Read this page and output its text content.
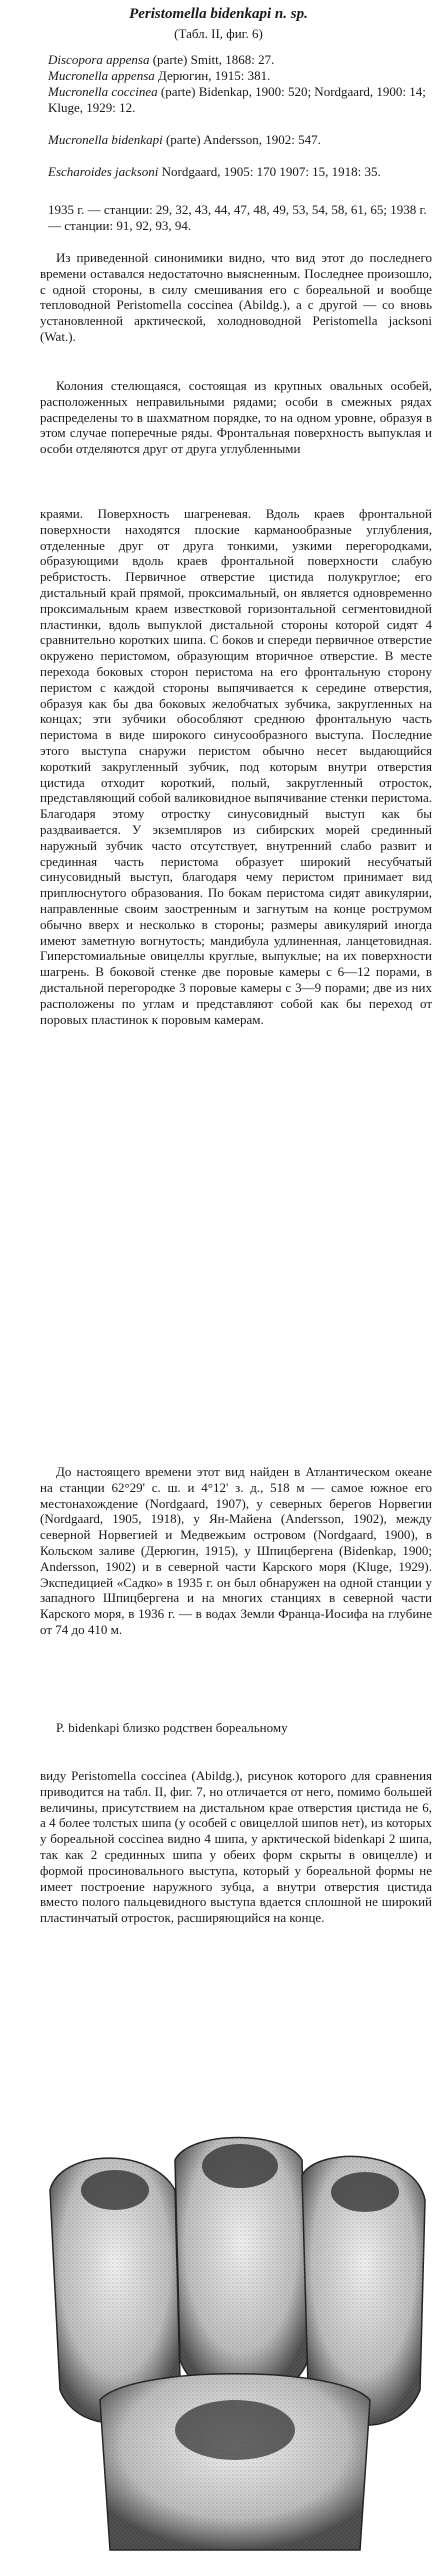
Peristomella bidenkapi n. sp.
(Табл. II, фиг. 6)

Discopora appensa (parte) Smitt, 1868: 27.

Mucronella appensa Дерюгин, 1915: 381.

Mucronella coccinea (parte) Bidenkap, 1900: 520; Nordgaard, 1900: 14; Kluge, 1929: 12.

Mucronella bidenkapi (parte) Andersson, 1902: 547.

Escharoides jacksoni Nordgaard, 1905: 170 1907: 15, 1918: 35.

1935 г. — станции: 29, 32, 43, 44, 47, 48, 49, 53, 54, 58, 61, 65; 1938 г. — станции: 91, 92, 93, 94.

Из приведенной синонимики видно, что вид этот до последнего времени оставался недостаточно выясненным. Последнее произошло, с одной стороны, в силу смешивания его с бореальной и вообще тепловодной Peristomella coccinea (Abildg.), а с другой — со вновь установленной арктической, холодноводной Peristomella jacksoni (Wat.).

Колония стелющаяся, состоящая из крупных овальных особей, расположенных неправильными рядами; особи в смежных рядах распределены то в шахматном порядке, то на одном уровне, образуя в этом случае поперечные ряды. Фронтальная поверхность выпуклая и особи отделяются друг от друга углубленными

краями. Поверхность шагреневая. Вдоль краев фронтальной поверхности находятся плоские карманообразные углубления, отделенные друг от друга тонкими, узкими перегородками, образующими вдоль краев фронтальной поверхности слабую ребристость. Первичное отверстие цистида полукруглое; его дистальный край прямой, проксимальный, он является одновременно проксимальным краем известковой горизонтальной сегментовидной пластинки, вдоль выпуклой дистальной стороны которой сидят 4 сравнительно коротких шипа. С боков и спереди первичное отверстие окружено перистомом, образующим вторичное отверстие. В месте перехода боковых сторон перистома на его фронтальную сторону перистом с каждой стороны выпячивается к середине отверстия, образуя как бы два боковых желобчатых зубчика, закругленных на концах; эти зубчики обособляют среднюю фронтальную часть перистома в виде широкого синусообразного выступа. Последние этого выступа снаружи перистом обычно несет выдающийся короткий закругленный зубчик, под которым внутри отверстия цистида отходит короткий, полый, закругленный отросток, представляющий собой валиковидное выпячивание стенки перистома. Благодаря этому отростку синусовидный выступ как бы раздваивается. У экземпляров из сибирских морей срединный наружный зубчик часто отсутствует, внутренний слабо развит и срединная часть перистома образует широкий несубчатый синусовидный выступ, благодаря чему перистом принимает вид приплюснутого образования. По бокам перистома сидят авикулярии, направленные своим заостренным и загнутым на конце рострумом обычно вверх и несколько в стороны; размеры авикулярий иногда имеют заметную вогнутость; мандибула удлиненная, ланцетовидная. Гиперстомиальные овицеллы круглые, выпуклые; на их поверхности шагрень. В боковой стенке две поровые камеры с 6—12 порами, в дистальной перегородке 3 поровые камеры с 3—9 порами; две из них расположены по углам и представляют собой как бы переход от поровых пластинок к поровым камерам.

До настоящего времени этот вид найден в Атлантическом океане на станции 62°29' с. ш. и 4°12' з. д., 518 м — самое южное его местонахождение (Nordgaard, 1907), у северных берегов Норвегии (Nordgaard, 1905, 1918), у Ян-Майена (Andersson, 1902), между северной Норвегией и Медвежьим островом (Nordgaard, 1900), в Кольском заливе (Дерюгин, 1915), у Шпицбергена (Bidenkap, 1900; Andersson, 1902) и в северной части Карского моря (Kluge, 1929). Экспедицией «Садко» в 1935 г. он был обнаружен на одной станции у западного Шпицбергена и на многих станциях в северной части Карского моря, в 1936 г. — в водах Земли Франца-Иосифа на глубине от 74 до 410 м.

P. bidenkapi близко родствен бореальному

виду Peristomella coccinea (Abildg.), рисунок которого для сравнения приводится на табл. II, фиг. 7, но отличается от него, помимо большей величины, присутствием на дистальном крае отверстия цистида не 6, а 4 более толстых шипа (у особей с овицеллой шипов нет), из которых у бореальной coccinea видно 4 шипа, у арктической bidenkapi 2 шипа, так как 2 срединных шипа у обеих форм скрыты в овицелле) и формой просиновального выступа, который у бореальной формы не имеет построение наружного зубца, а внутри отверстия цистида вместо полого пальцевидного выступа вдается сплошной не широкий пластинчатый отросток, расширяющийся на конце.
